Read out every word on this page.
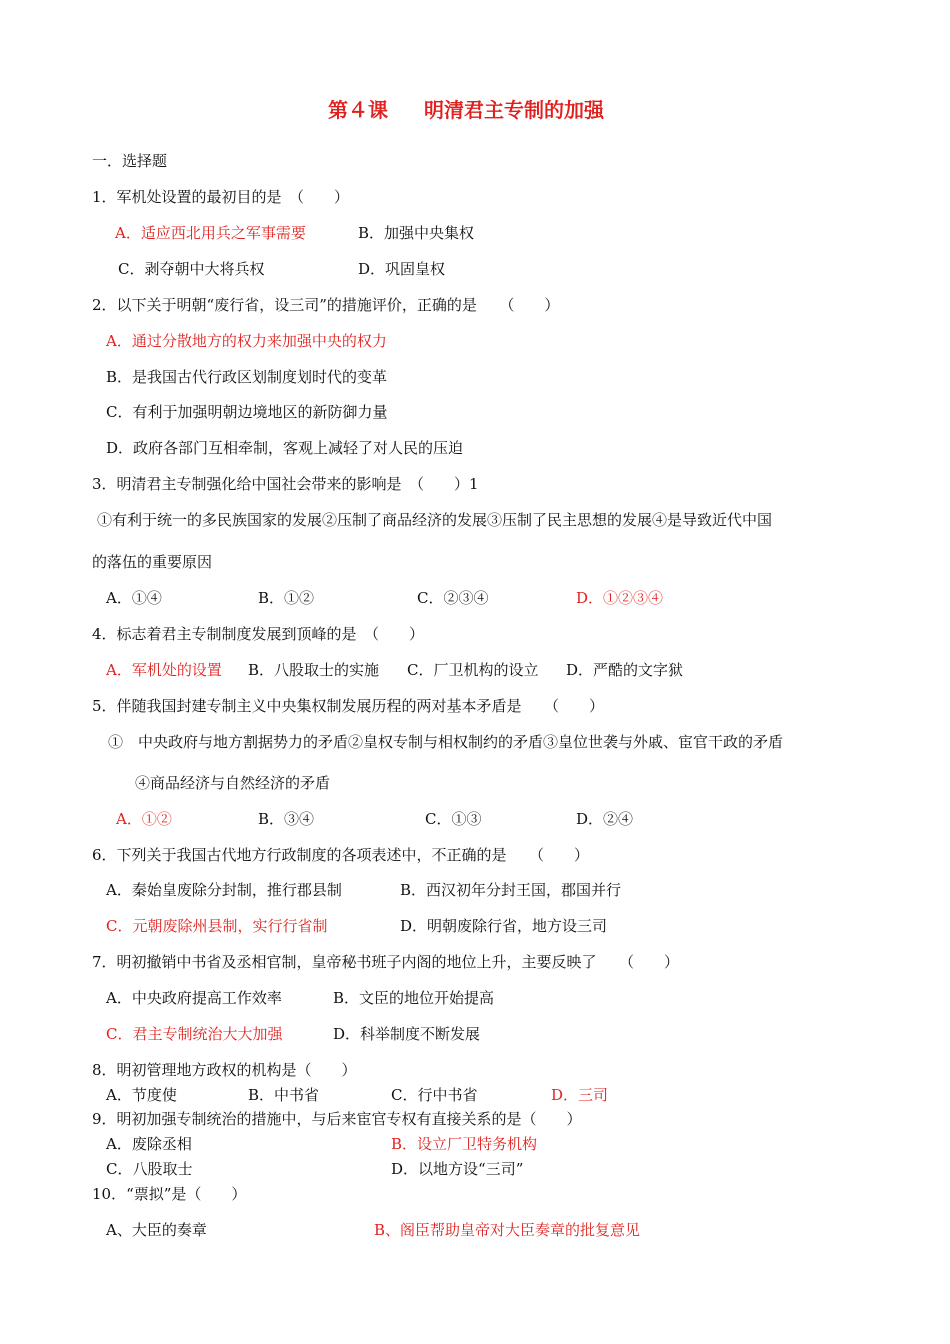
第４课 明清君主专制的加强
一．选择题
1．军机处设置的最初目的是　（　　）
A．适应西北用兵之军事需要	B．加强中央集权
C．剥夺朝中大将兵权	D．巩固皇权
2．以下关于明朝“废行省，设三司”的措施评价，正确的是　　（　　）
A．通过分散地方的权力来加强中央的权力
B．是我国古代行政区划制度划时代的变革
C．有利于加强明朝边境地区的新防御力量
D．政府各部门互相牵制，客观上减轻了对人民的压迫
3．明清君主专制强化给中国社会带来的影响是　（　　）1
①有利于统一的多民族国家的发展②压制了商品经济的发展③压制了民主思想的发展④是导致近代中国
的落伍的重要原因
A．①④	B．①②	C．②③④	D．①②③④
4．标志着君主专制制度发展到顶峰的是　（　　）
A．军机处的设置 B．八股取士的实施 C．厂卫机构的设立 D．严酷的文字狱
5．伴随我国封建专制主义中央集权制发展历程的两对基本矛盾是　　（　　）
①　中央政府与地方割据势力的矛盾②皇权专制与相权制约的矛盾③皇位世袭与外戚、宦官干政的矛盾
④商品经济与自然经济的矛盾
A．①②	B．③④	C．①③	D．②④
6．下列关于我国古代地方行政制度的各项表述中，不正确的是　　（　　）
A．秦始皇废除分封制，推行郡县制	B．西汉初年分封王国，郡国并行
C．元朝废除州县制，实行行省制	D．明朝废除行省，地方设三司
7．明初撤销中书省及丞相官制，皇帝秘书班子内阁的地位上升，主要反映了　　（　　）
A．中央政府提高工作效率	B．文臣的地位开始提高
C．君主专制统治大大加强	D．科举制度不断发展
8．明初管理地方政权的机构是（　　）
A．节度使	B．中书省	C．行中书省	D．三司
9．明初加强专制统治的措施中，与后来宦官专权有直接关系的是（　　）
A．废除丞相	B．设立厂卫特务机构
C．八股取士	D．以地方设“三司”
10．“票拟”是（　　）
A、大臣的奏章	B、阁臣帮助皇帝对大臣奏章的批复意见
